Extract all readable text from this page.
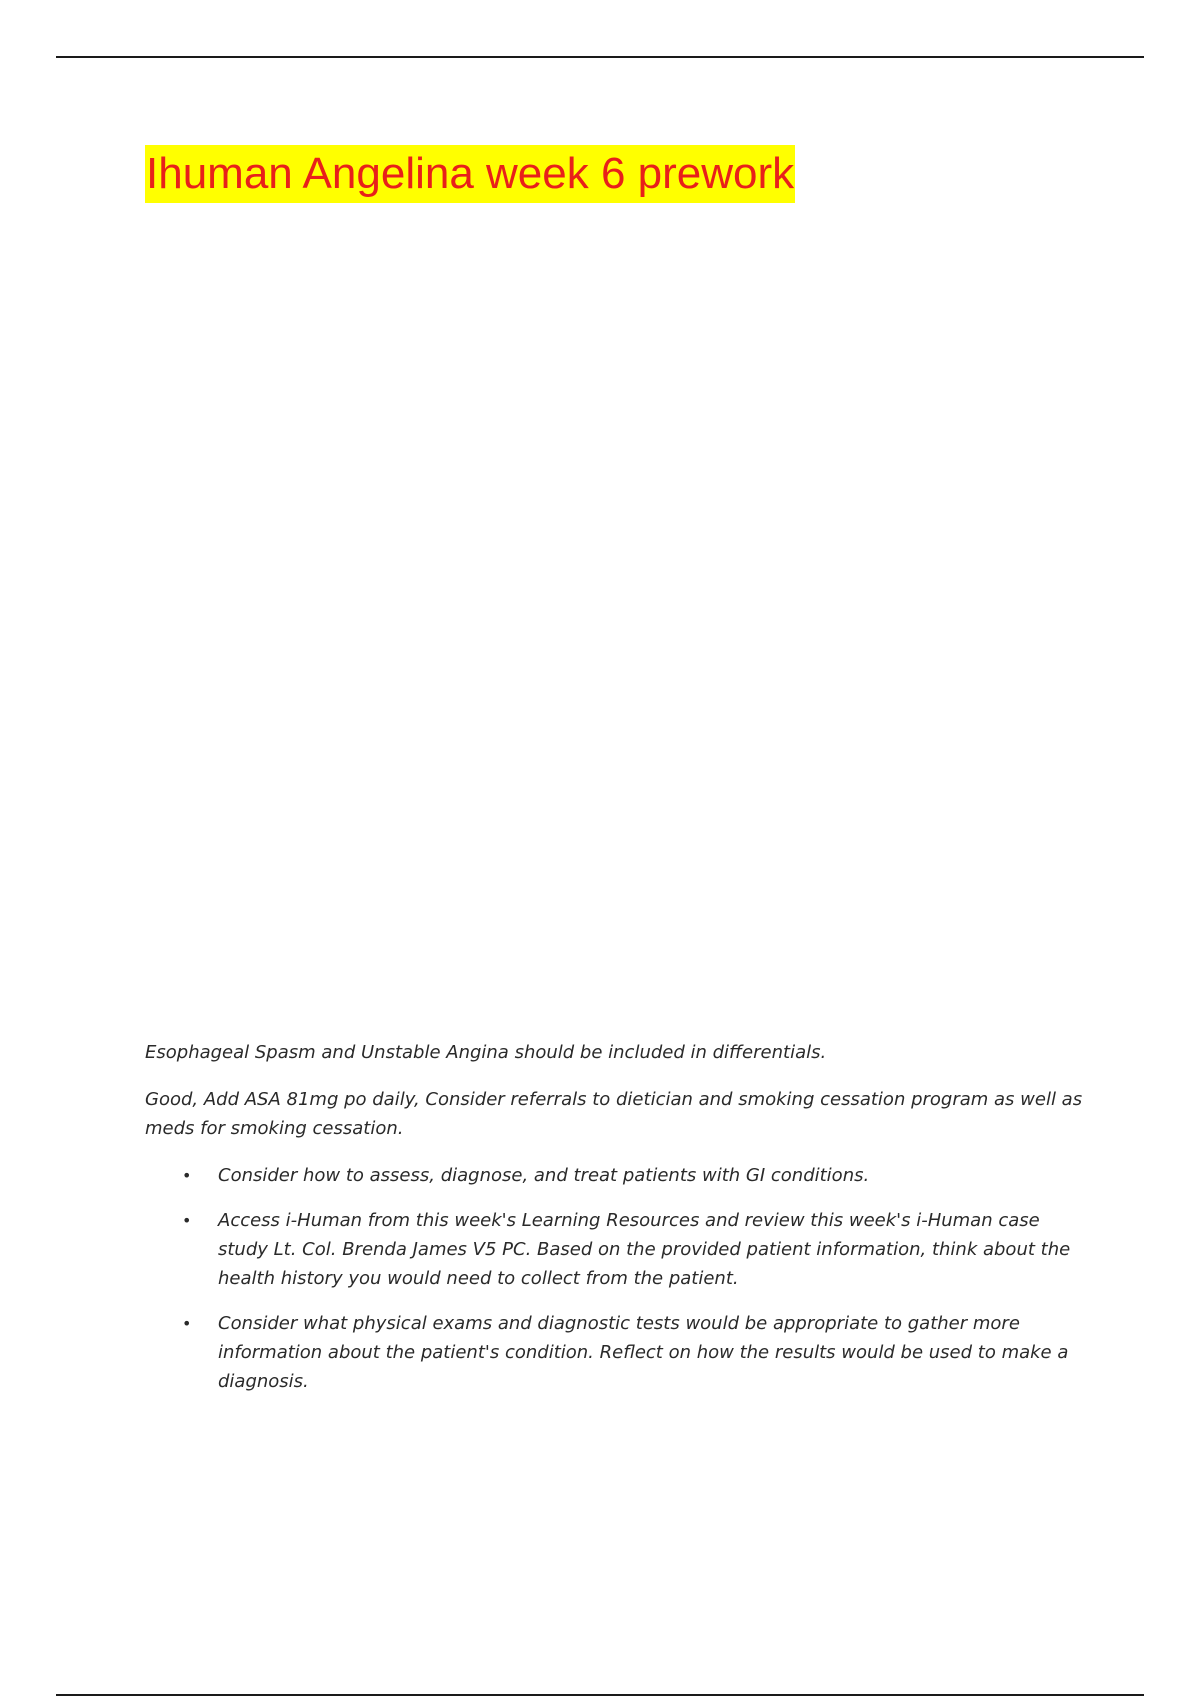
Ihuman Angelina week 6 prework

Esophageal Spasm and Unstable Angina should be included in differentials.

Good, Add ASA 81mg po daily, Consider referrals to dietician and smoking cessation program as well as meds for smoking cessation.

• Consider how to assess, diagnose, and treat patients with GI conditions.
• Access i-Human from this week's Learning Resources and review this week's i-Human case study Lt. Col. Brenda James V5 PC. Based on the provided patient information, think about the health history you would need to collect from the patient.
• Consider what physical exams and diagnostic tests would be appropriate to gather more information about the patient's condition. Reflect on how the results would be used to make a diagnosis.
